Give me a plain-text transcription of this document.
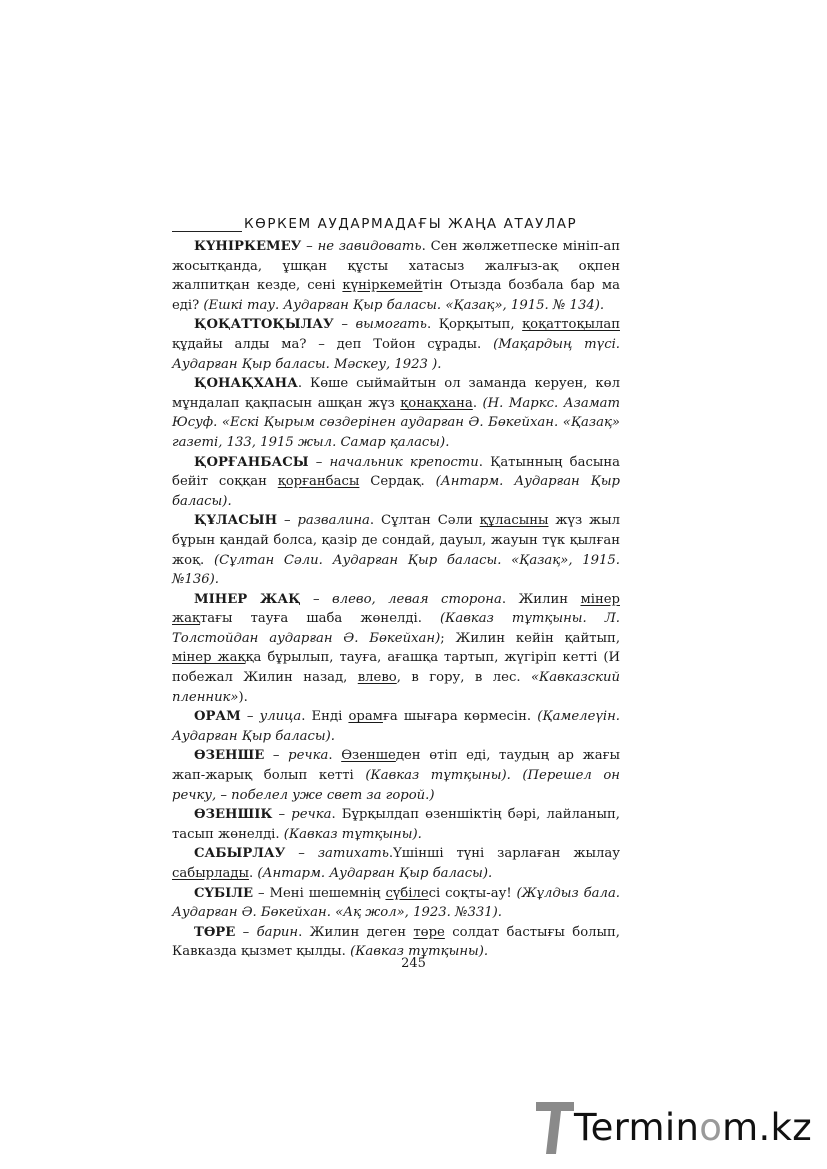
КӨРКЕМ АУДАРМАДАҒЫ ЖАҢА АТАУЛАР

КҮНІРКЕМЕУ – не завидовать. Сен жөлжетпеске мініп-ап жосытқанда, ұшқан құсты хатасыз жалғыз-ақ оқпен жалпитқан кезде, сені күніркемейтін Отызда бозбала бар ма еді? (Ешкі тау. Аударған Қыр баласы. «Қазақ», 1915. № 134).

ҚОҚАТТОҚЫЛАУ – вымогать. Қорқытып, қоқаттоқылап құдайы алды ма? – деп Тойон сұрады. (Мақардың түсі. Аударған Қыр баласы. Мәскеу, 1923 ).

ҚОНАҚХАНА. Көше сыймайтын ол заманда керуен, көл мұндалап қақпасын ашқан жүз қонақхана. (Н. Маркс. Азамат Юсуф. «Ескі Қырым сөздерінен аударған Ә. Бөкейхан. «Қазақ» газеті, 133, 1915 жыл. Самар қаласы).

ҚОРҒАНБАСЫ – начальник крепости. Қатынның басына бейіт соққан қорғанбасы Сердақ. (Антарм. Аударған Қыр баласы).

ҚҰЛАСЫН – развалина. Сұлтан Сәли құласыны жүз жыл бұрын қандай болса, қазір де сондай, дауыл, жауын түк қылған жоқ. (Сұлтан Сәли. Аударған Қыр баласы. «Қазақ», 1915. №136).

МІНЕР ЖАҚ – влево, левая сторона. Жилин мінер жақтағы тауға шаба жөнелді. (Кавказ тұтқыны. Л. Толстойдан аударған Ә. Бөкейхан); Жилин кейін қайтып, мінер жаққа бұрылып, тауға, ағашқа тартып, жүгіріп кетті (И побежал Жилин назад, влево, в гору, в лес. «Кавказский пленник»).

ОРАМ – улица. Енді орамға шығара көрмесін. (Қамелеүін. Аударған Қыр баласы).

ӨЗЕНШЕ – речка. Өзеншеден өтіп еді, таудың ар жағы жап-жарық болып кетті (Кавказ тұтқыны). (Перешел он речку, – побелел уже свет за горой.)

ӨЗЕНШІК – речка. Бұрқылдап өзеншіктің бәрі, лайланып, тасып жөнелді. (Кавказ тұтқыны).

САБЫРЛАУ – затихать.Үшінші түні зарлаған жылау сабырлады. (Антарм. Аударған Қыр баласы).

СҮБІЛЕ – Мені шешемнің сүбілесі соқты-ау! (Жұлдыз бала. Аударған Ә. Бөкейхан. «Ақ жол», 1923. №331).

ТӨРЕ – барин. Жилин деген төре солдат бастығы болып, Кавказда қызмет қылды. (Кавказ тұтқыны).

245
Terminom.kz
